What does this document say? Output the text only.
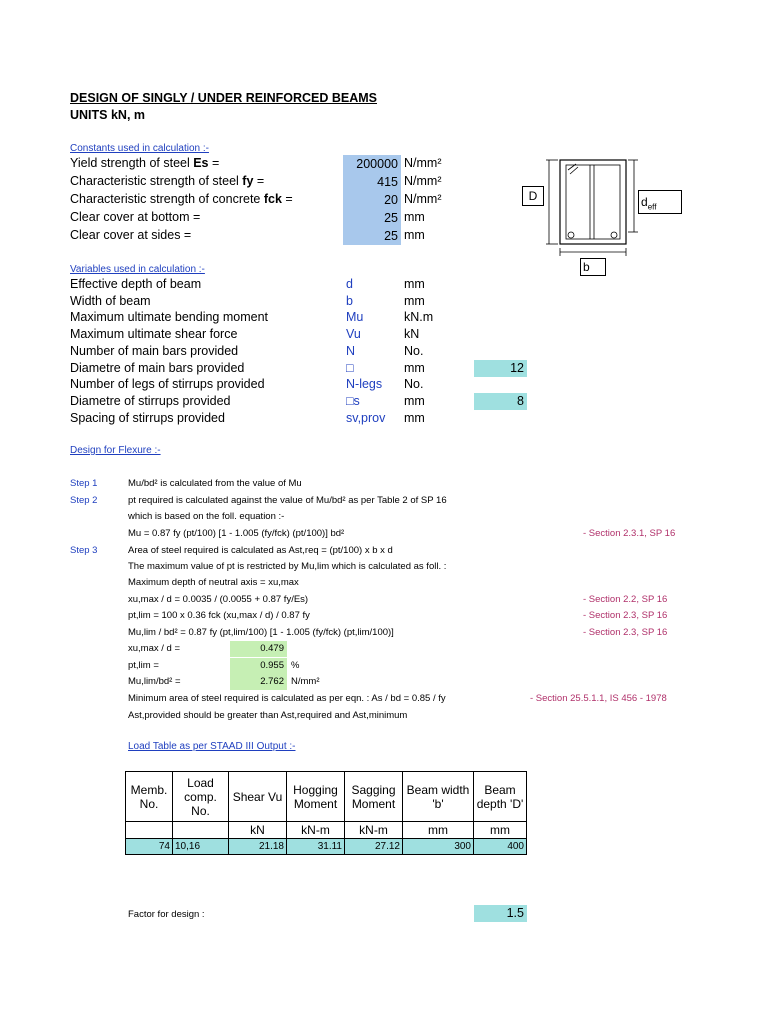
DESIGN OF SINGLY / UNDER REINFORCED BEAMS
UNITS kN, m
Constants used in calculation :-
Yield strength of steel Es =	200000 N/mm²
Characteristic strength of steel fy =	415 N/mm²
Characteristic strength of concrete fck =	20 N/mm²
Clear cover at bottom =	25 mm
Clear cover at sides =	25 mm
D	$d_{eff}$
b
Variables used in calculation :-
Effective depth of beam	d	mm
Width of beam	b	mm
Maximum ultimate bending moment	Mu	kN.m
Maximum ultimate shear force	Vu	kN
Number of main bars provided	N	No.
Diametre of main bars provided	□	mm	12
Number of legs of stirrups provided	N-legs No.
Diametre of stirrups provided	□s	mm	8
Spacing of stirrups provided	sv,prov mm
Design for Flexure :-
Step 1	Mu/bd² is calculated from the value of Mu
Step 2	pt required is calculated against the value of Mu/bd² as per Table 2 of SP 16
which is based on the foll. equation :-
Mu = 0.87 fy (pt/100) [1 - 1.005 (fy/fck) (pt/100)] bd²	- Section 2.3.1, SP 16
Step 3	Area of steel required is calculated as Ast,req = (pt/100) x b x d
The maximum value of pt is restricted by Mu,lim which is calculated as foll. :
Maximum depth of neutral axis = xu,max
xu,max / d = 0.0035 / (0.0055 + 0.87 fy/Es)	- Section 2.2, SP 16
pt,lim = 100 x 0.36 fck (xu,max / d) / 0.87 fy	- Section 2.3, SP 16
Mu,lim / bd² = 0.87 fy (pt,lim/100) [1 - 1.005 (fy/fck) (pt,lim/100)]	- Section 2.3, SP 16
xu,max / d =	0.479
pt,lim =	0.955 %
Mu,lim/bd² =	2.762 N/mm²
Minimum area of steel required is calculated as per eqn. : As / bd = 0.85 / fy	- Section 25.5.1.1, IS 456 - 1978
Ast,provided should be greater than Ast,required and Ast,minimum
Load Table as per STAAD III Output :-
Memb. No.	Load comp. No.	Shear Vu	Hogging Moment	Sagging Moment	Beam width 'b'	Beam depth 'D'
		kN	kN-m	kN-m	mm	mm
74	10,16	21.18	31.11	27.12	300	400
Factor for design :	1.5
